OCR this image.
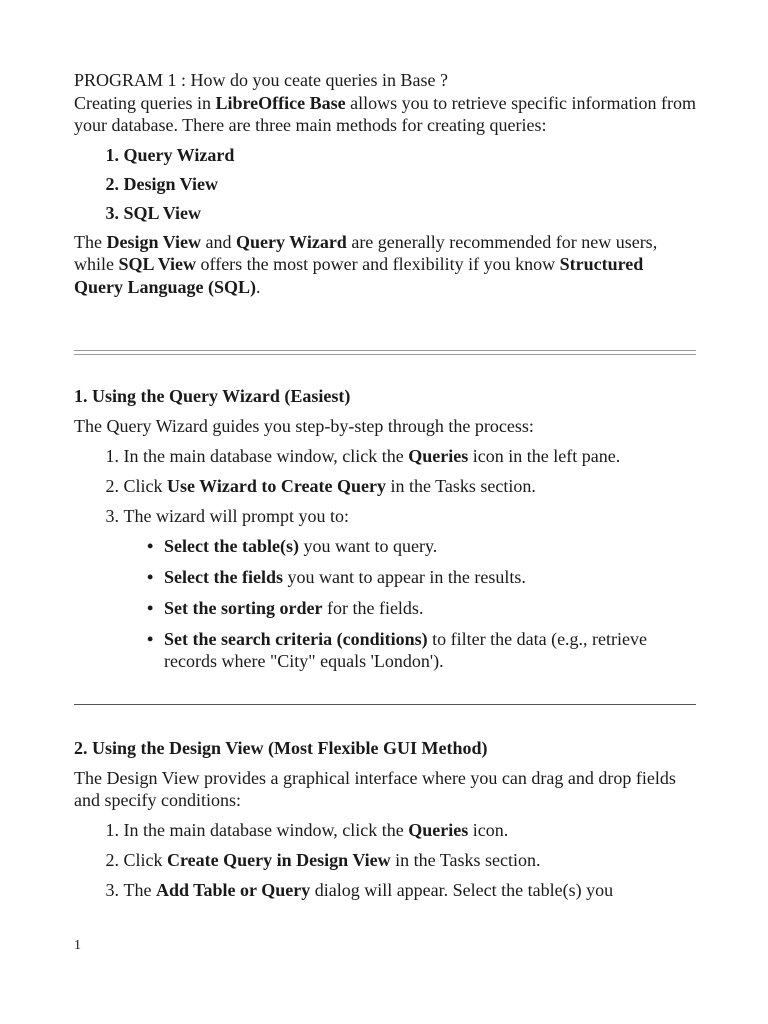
PROGRAM 1 : How do you ceate queries in Base ?

Creating queries in LibreOffice Base allows you to retrieve specific information from your database. There are three main methods for creating queries:

1.
Query Wizard
2.
Design View
3.
SQL View

The Design View and Query Wizard are generally recommended for new users, while SQL View offers the most power and flexibility if you know Structured Query Language (SQL).

1. Using the Query Wizard (Easiest)

The Query Wizard guides you step-by-step through the process:

1.
In the main database window, click the Queries icon in the left pane.
2.
Click Use Wizard to Create Query in the Tasks section.
3.
The wizard will prompt you to:
• Select the table(s) you want to query.
• Select the fields you want to appear in the results.
• Set the sorting order for the fields.
• Set the search criteria (conditions) to filter the data (e.g., retrieve records where "City" equals 'London').

2. Using the Design View (Most Flexible GUI Method)

The Design View provides a graphical interface where you can drag and drop fields and specify conditions:

1.
In the main database window, click the Queries icon.
2.
Click Create Query in Design View in the Tasks section.
3.
The Add Table or Query dialog will appear. Select the table(s) you
1
